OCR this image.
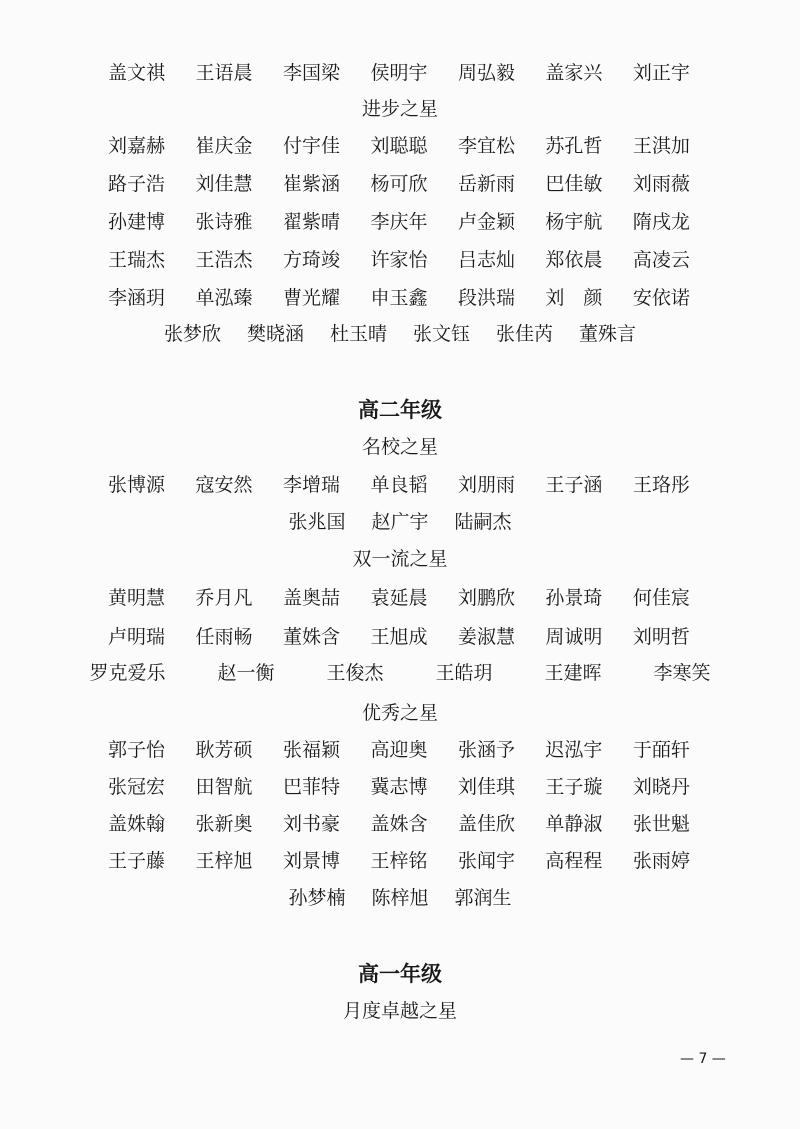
盖文祺 王语晨 李国梁 侯明宇 周弘毅 盖家兴 刘正宇
进步之星
刘嘉赫 崔庆金 付宇佳 刘聪聪 李宜松 苏孔哲 王淇加
路子浩 刘佳慧 崔紫涵 杨可欣 岳新雨 巴佳敏 刘雨薇
孙建博 张诗雅 翟紫晴 李庆年 卢金颖 杨宇航 隋戌龙
王瑞杰 王浩杰 方琦竣 许家怡 吕志灿 郑依晨 高凌云
李涵玥 单泓臻 曹光耀 申玉鑫 段洪瑞 刘　颜 安依诺
张梦欣 樊晓涵 杜玉晴 张文钰 张佳芮 董殊言
高二年级
名校之星
张博源 寇安然 李增瑞 单良韬 刘朋雨 王子涵 王珞彤
张兆国 赵广宇 陆嗣杰
双一流之星
黄明慧 乔月凡 盖奥喆 袁延晨 刘鹏欣 孙景琦 何佳宸
卢明瑞 任雨畅 董姝含 王旭成 姜淑慧 周诚明 刘明哲
罗克爱乐	赵一衡	王俊杰	王皓玥	王建晖	李寒笑
优秀之星
郭子怡 耿芳硕 张福颖 高迎奥 张涵予 迟泓宇 于皕轩
张冠宏 田智航 巴菲特 冀志博 刘佳琪 王子璇 刘晓丹
盖姝翰 张新奥 刘书豪 盖姝含 盖佳欣 单静淑 张世魁
王子藤 王梓旭 刘景博 王梓铭 张闻宇 高程程 张雨婷
孙梦楠 陈梓旭 郭润生
高一年级
月度卓越之星
— 7 —
